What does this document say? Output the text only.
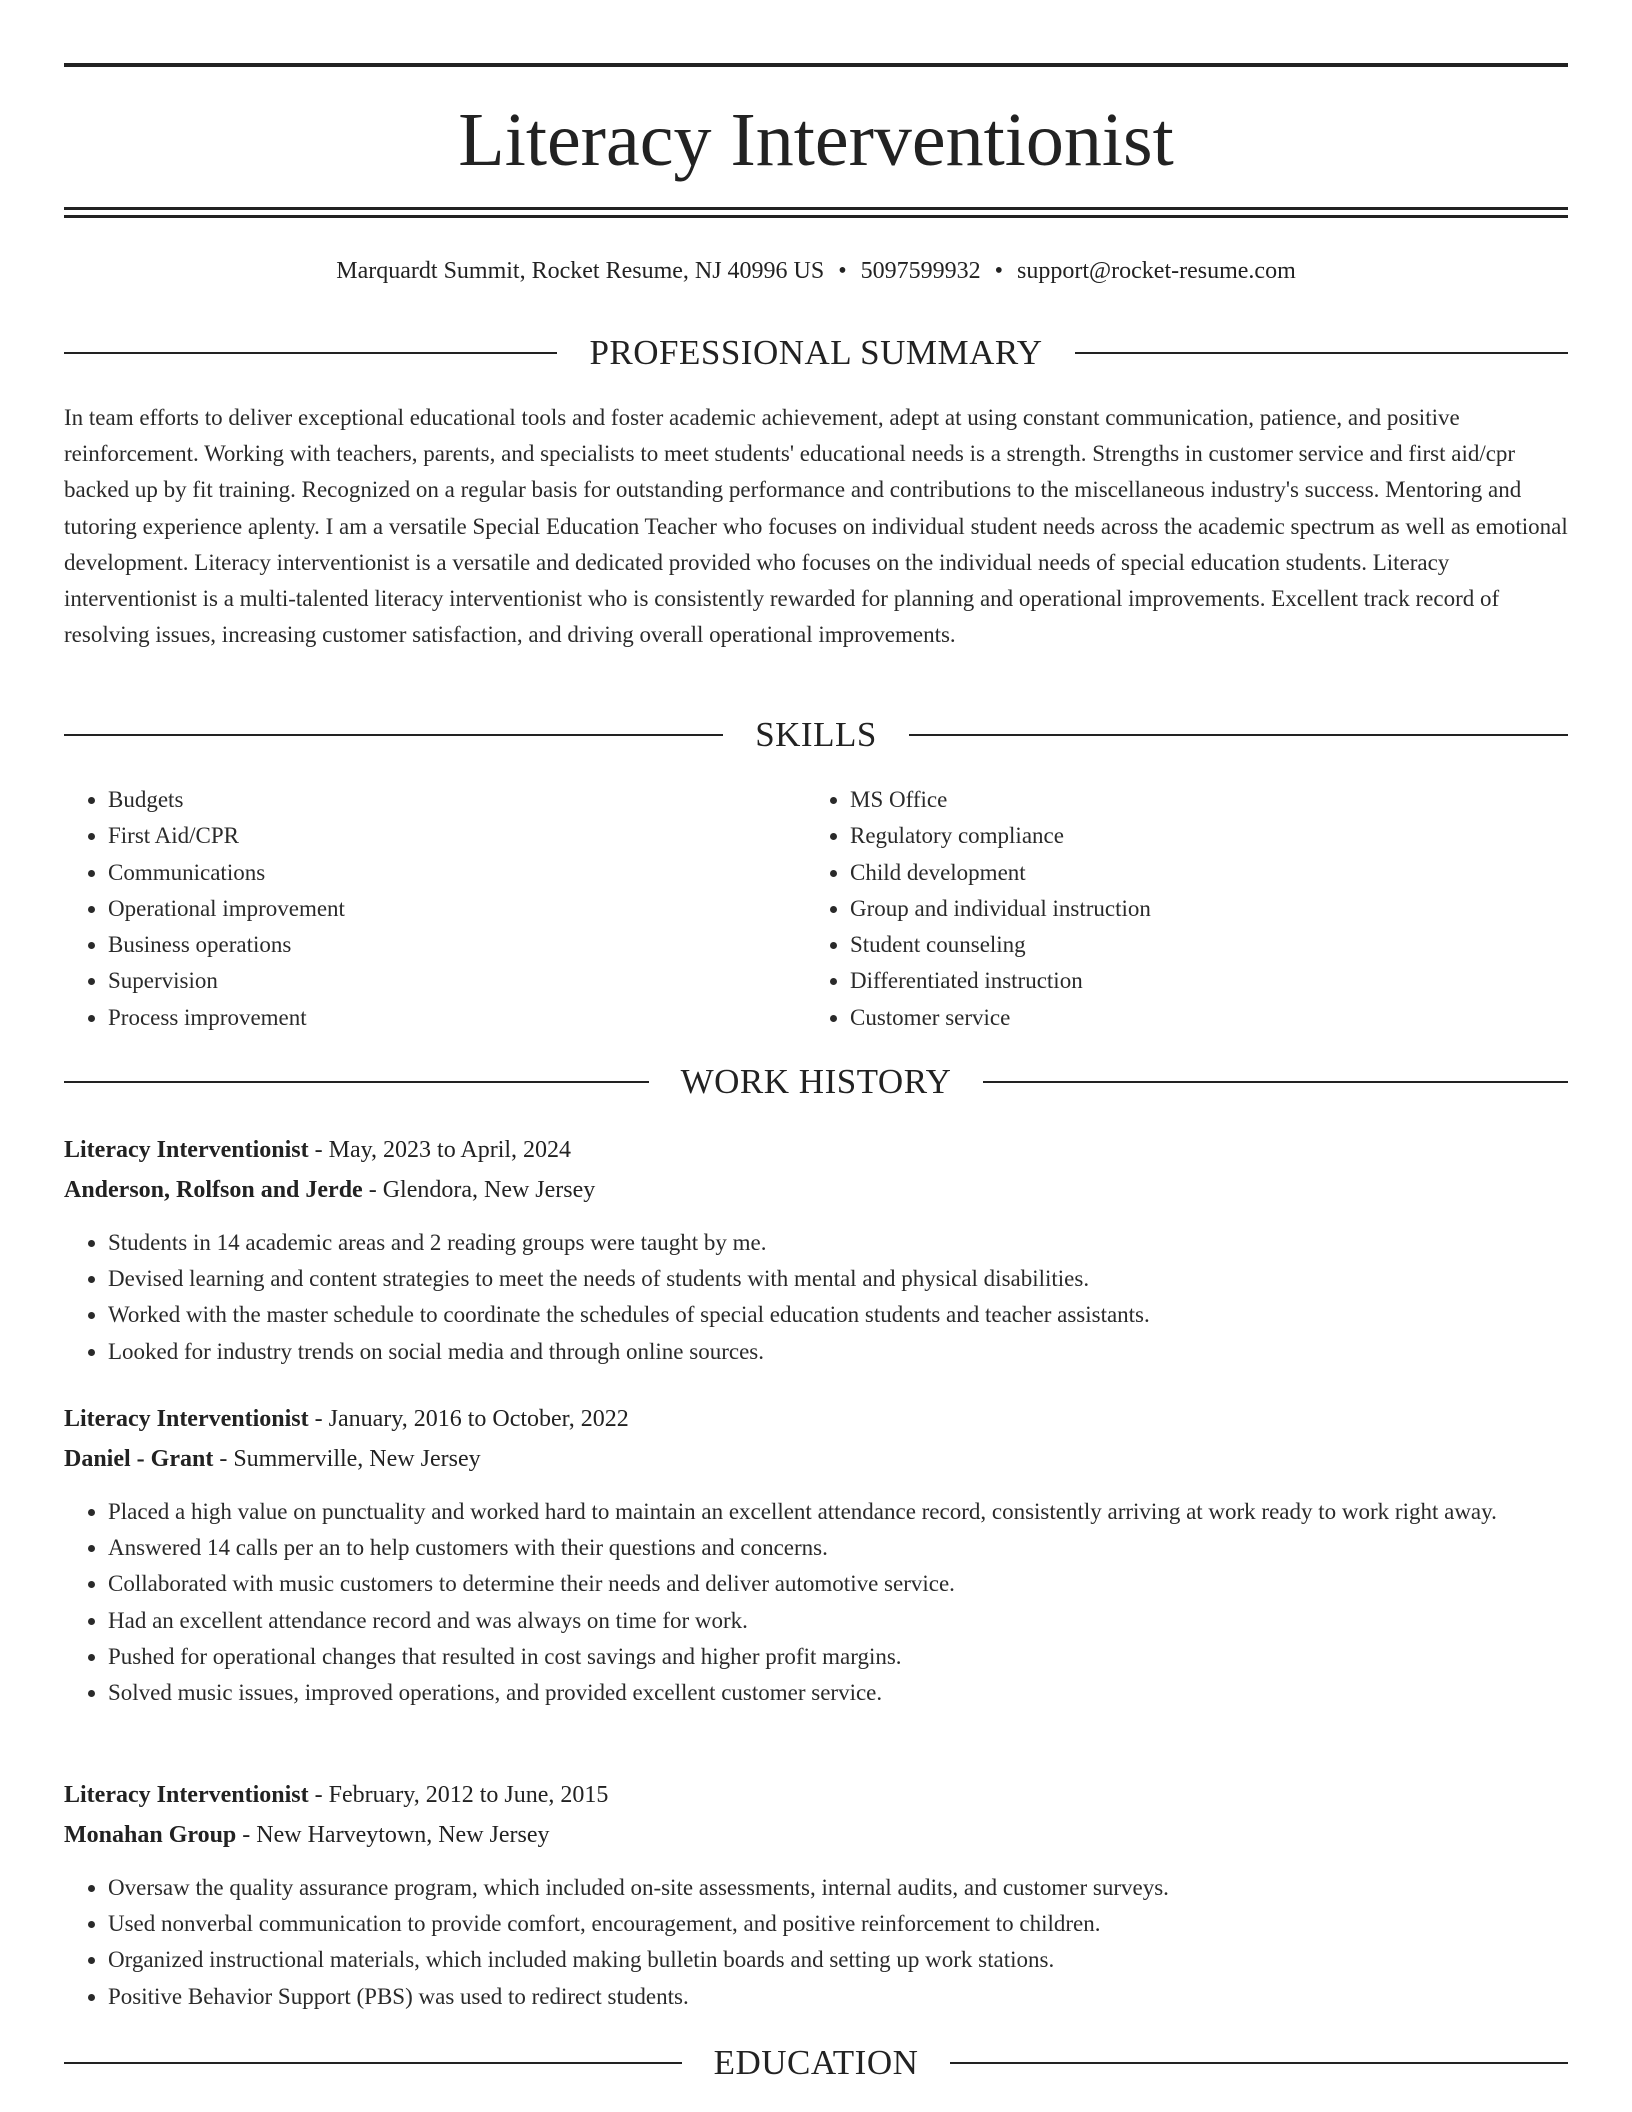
Literacy Interventionist
Marquardt Summit, Rocket Resume, NJ 40996 US • 5097599932 • support@rocket-resume.com
PROFESSIONAL SUMMARY

In team efforts to deliver exceptional educational tools and foster academic achievement, adept at using constant communication, patience, and positive reinforcement. Working with teachers, parents, and specialists to meet students' educational needs is a strength. Strengths in customer service and first aid/cpr backed up by fit training. Recognized on a regular basis for outstanding performance and contributions to the miscellaneous industry's success. Mentoring and tutoring experience aplenty. I am a versatile Special Education Teacher who focuses on individual student needs across the academic spectrum as well as emotional development. Literacy interventionist is a versatile and dedicated provided who focuses on the individual needs of special education students. Literacy interventionist is a multi-talented literacy interventionist who is consistently rewarded for planning and operational improvements. Excellent track record of resolving issues, increasing customer satisfaction, and driving overall operational improvements.

SKILLS
• Budgets
• First Aid/CPR
• Communications
• Operational improvement
• Business operations
• Supervision
• Process improvement
• MS Office
• Regulatory compliance
• Child development
• Group and individual instruction
• Student counseling
• Differentiated instruction
• Customer service
WORK HISTORY
Literacy Interventionist - May, 2023 to April, 2024
Anderson, Rolfson and Jerde - Glendora, New Jersey
• Students in 14 academic areas and 2 reading groups were taught by me.
• Devised learning and content strategies to meet the needs of students with mental and physical disabilities.
• Worked with the master schedule to coordinate the schedules of special education students and teacher assistants.
• Looked for industry trends on social media and through online sources.
Literacy Interventionist - January, 2016 to October, 2022
Daniel - Grant - Summerville, New Jersey
• Placed a high value on punctuality and worked hard to maintain an excellent attendance record, consistently arriving at work ready to work right away.
• Answered 14 calls per an to help customers with their questions and concerns.
• Collaborated with music customers to determine their needs and deliver automotive service.
• Had an excellent attendance record and was always on time for work.
• Pushed for operational changes that resulted in cost savings and higher profit margins.
• Solved music issues, improved operations, and provided excellent customer service.
Literacy Interventionist - February, 2012 to June, 2015
Monahan Group - New Harveytown, New Jersey
• Oversaw the quality assurance program, which included on-site assessments, internal audits, and customer surveys.
• Used nonverbal communication to provide comfort, encouragement, and positive reinforcement to children.
• Organized instructional materials, which included making bulletin boards and setting up work stations.
• Positive Behavior Support (PBS) was used to redirect students.
EDUCATION
